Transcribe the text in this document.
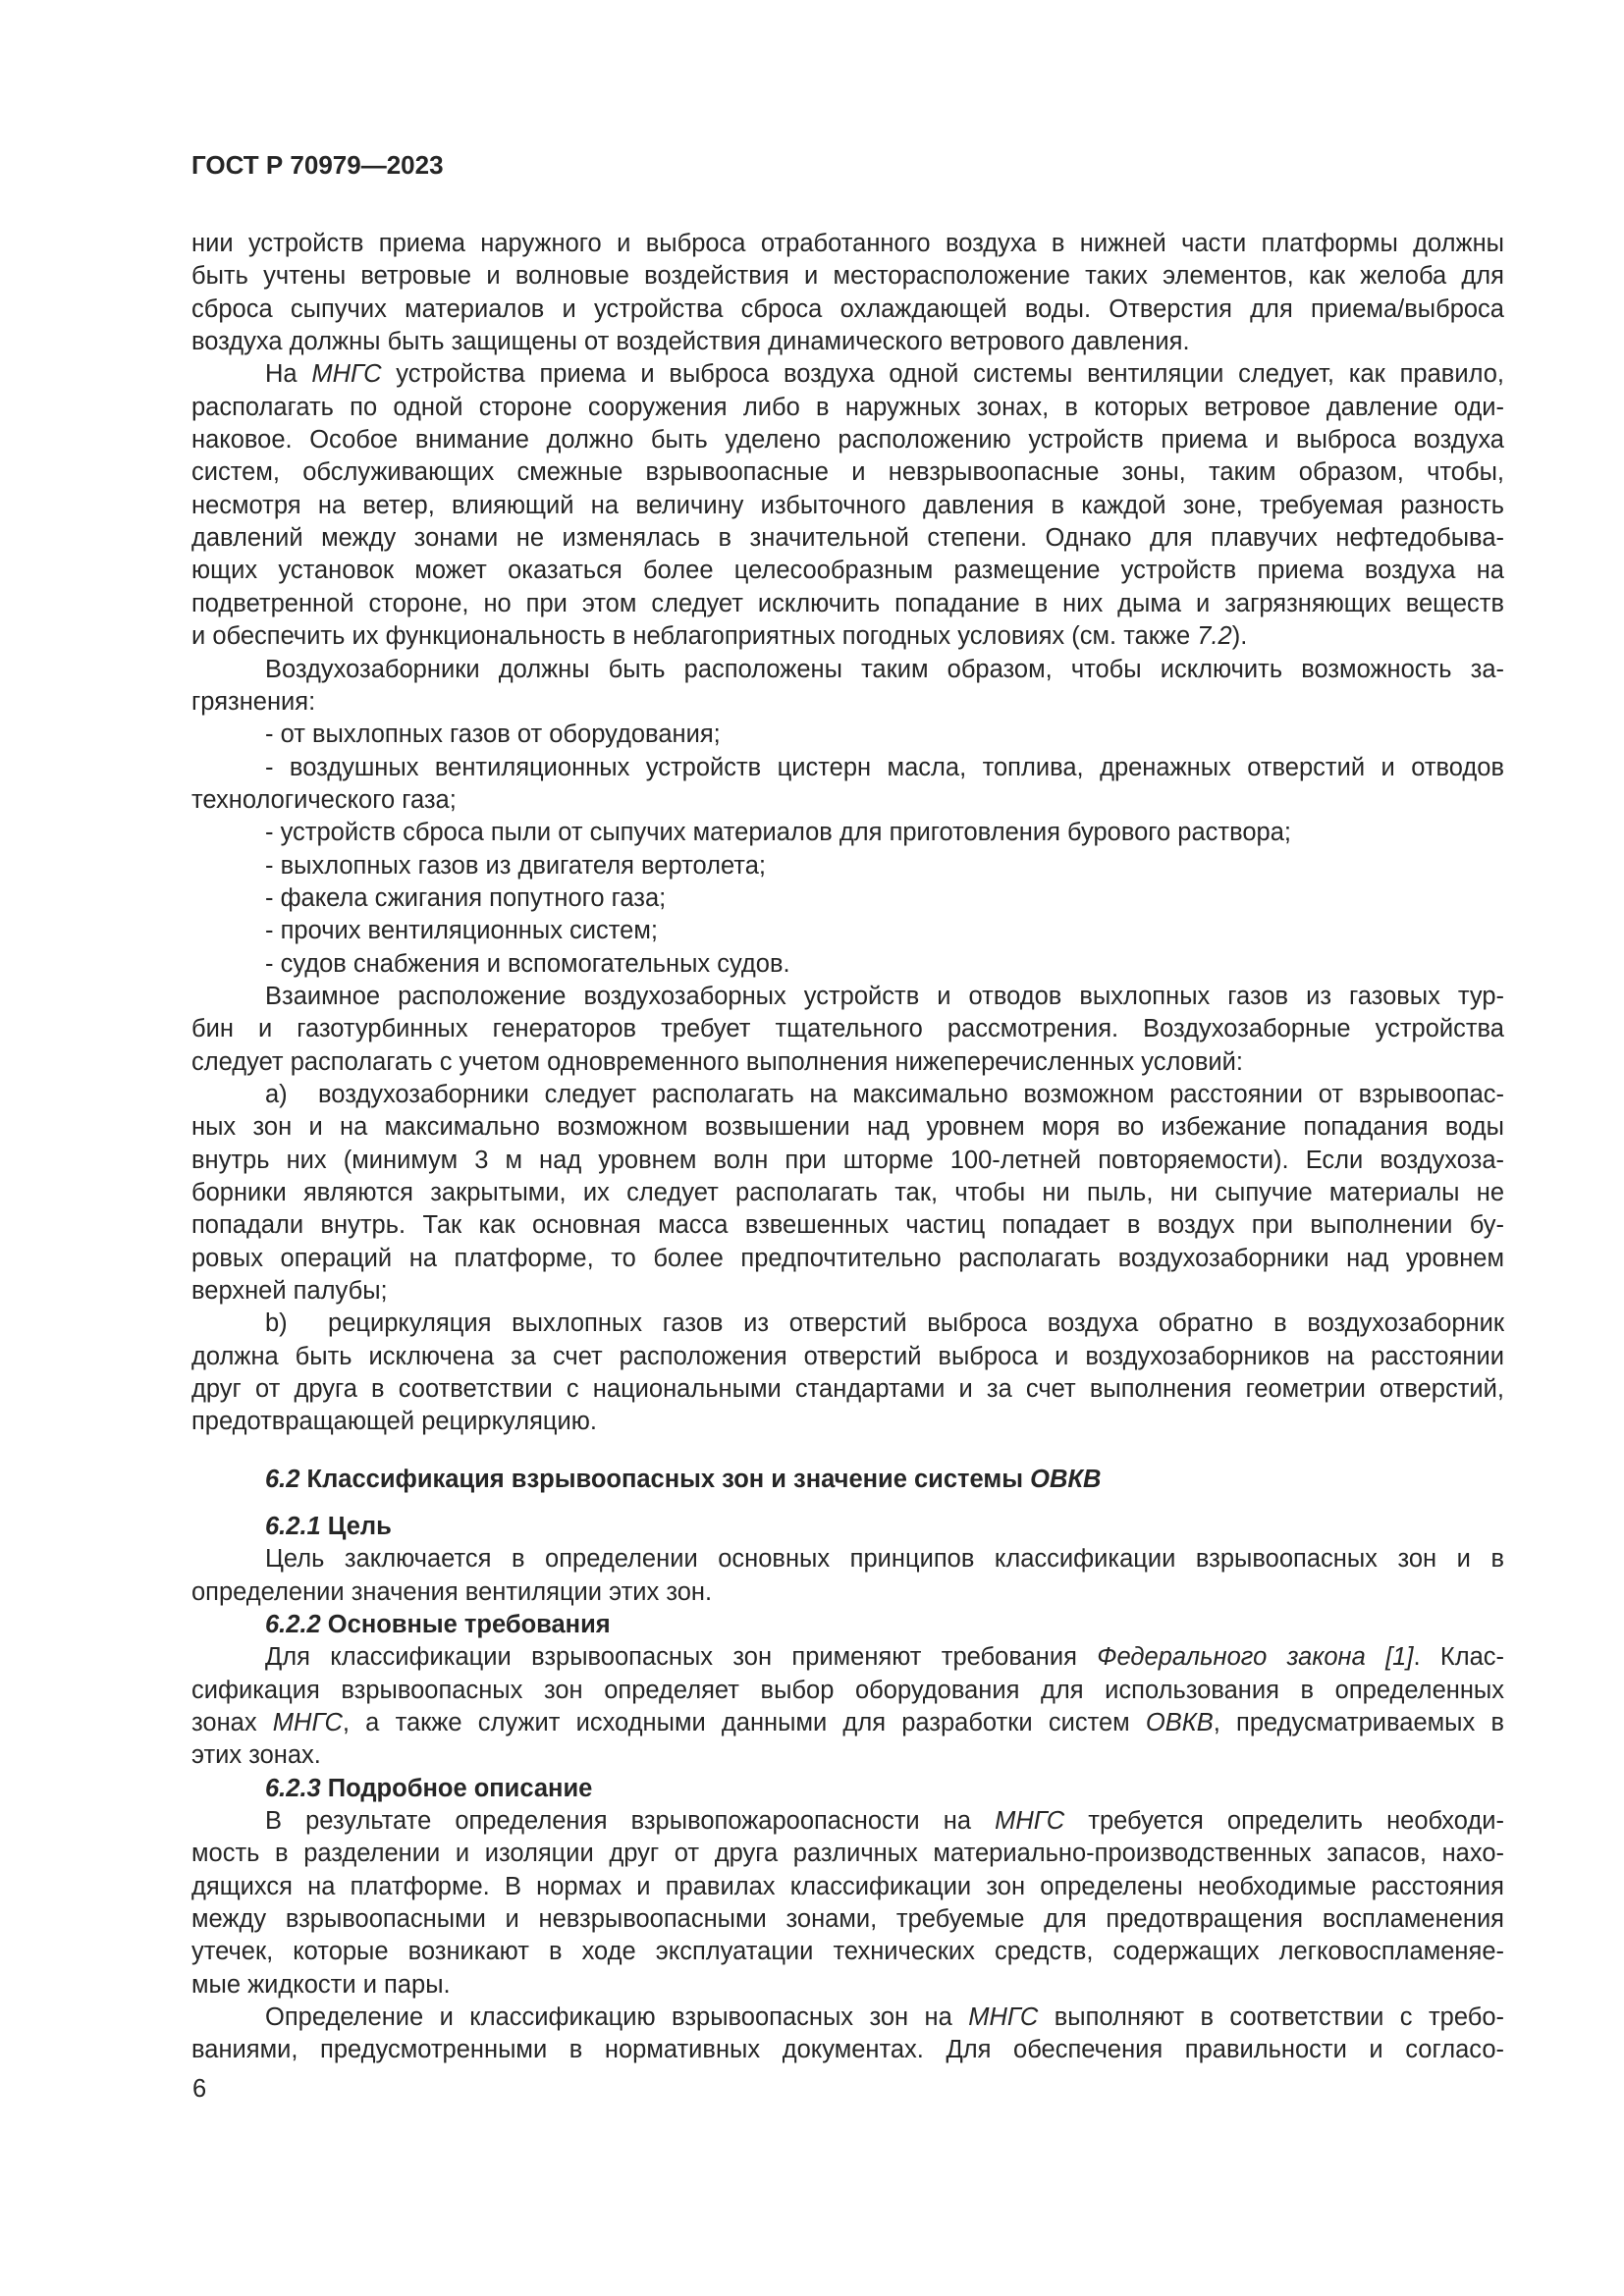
ГОСТ Р 70979—2023
нии устройств приема наружного и выброса отработанного воздуха в нижней части платформы должны
быть учтены ветровые и волновые воздействия и месторасположение таких элементов, как желоба для
сброса сыпучих материалов и устройства сброса охлаждающей воды. Отверстия для приема/выброса
воздуха должны быть защищены от воздействия динамического ветрового давления.
На МНГС устройства приема и выброса воздуха одной системы вентиляции следует, как правило,
располагать по одной стороне сооружения либо в наружных зонах, в которых ветровое давление оди-
наковое. Особое внимание должно быть уделено расположению устройств приема и выброса воздуха
систем, обслуживающих смежные взрывоопасные и невзрывоопасные зоны, таким образом, чтобы,
несмотря на ветер, влияющий на величину избыточного давления в каждой зоне, требуемая разность
давлений между зонами не изменялась в значительной степени. Однако для плавучих нефтедобыва-
ющих установок может оказаться более целесообразным размещение устройств приема воздуха на
подветренной стороне, но при этом следует исключить попадание в них дыма и загрязняющих веществ
и обеспечить их функциональность в неблагоприятных погодных условиях (см. также 7.2).
Воздухозаборники должны быть расположены таким образом, чтобы исключить возможность за-
грязнения:
- от выхлопных газов от оборудования;
- воздушных вентиляционных устройств цистерн масла, топлива, дренажных отверстий и отводов
технологического газа;
- устройств сброса пыли от сыпучих материалов для приготовления бурового раствора;
- выхлопных газов из двигателя вертолета;
- факела сжигания попутного газа;
- прочих вентиляционных систем;
- судов снабжения и вспомогательных судов.
Взаимное расположение воздухозаборных устройств и отводов выхлопных газов из газовых тур-
бин и газотурбинных генераторов требует тщательного рассмотрения. Воздухозаборные устройства
следует располагать с учетом одновременного выполнения нижеперечисленных условий:
a)  воздухозаборники следует располагать на максимально возможном расстоянии от взрывоопас-
ных зон и на максимально возможном возвышении над уровнем моря во избежание попадания воды
внутрь них (минимум 3 м над уровнем волн при шторме 100-летней повторяемости). Если воздухоза-
борники являются закрытыми, их следует располагать так, чтобы ни пыль, ни сыпучие материалы не
попадали внутрь. Так как основная масса взвешенных частиц попадает в воздух при выполнении бу-
ровых операций на платформе, то более предпочтительно располагать воздухозаборники над уровнем
верхней палубы;
b)  рециркуляция выхлопных газов из отверстий выброса воздуха обратно в воздухозаборник
должна быть исключена за счет расположения отверстий выброса и воздухозаборников на расстоянии
друг от друга в соответствии с национальными стандартами и за счет выполнения геометрии отверстий,
предотвращающей рециркуляцию.
6.2 Классификация взрывоопасных зон и значение системы ОВКВ
6.2.1 Цель
Цель заключается в определении основных принципов классификации взрывоопасных зон и в
определении значения вентиляции этих зон.
6.2.2 Основные требования
Для классификации взрывоопасных зон применяют требования Федерального закона [1]. Клас-
сификация взрывоопасных зон определяет выбор оборудования для использования в определенных
зонах МНГС, а также служит исходными данными для разработки систем ОВКВ, предусматриваемых в
этих зонах.
6.2.3 Подробное описание
В результате определения взрывопожароопасности на МНГС требуется определить необходи-
мость в разделении и изоляции друг от друга различных материально-производственных запасов, нахо-
дящихся на платформе. В нормах и правилах классификации зон определены необходимые расстояния
между взрывоопасными и невзрывоопасными зонами, требуемые для предотвращения воспламенения
утечек, которые возникают в ходе эксплуатации технических средств, содержащих легковоспламеняе-
мые жидкости и пары.
Определение и классификацию взрывоопасных зон на МНГС выполняют в соответствии с требо-
ваниями, предусмотренными в нормативных документах. Для обеспечения правильности и согласо-
6
